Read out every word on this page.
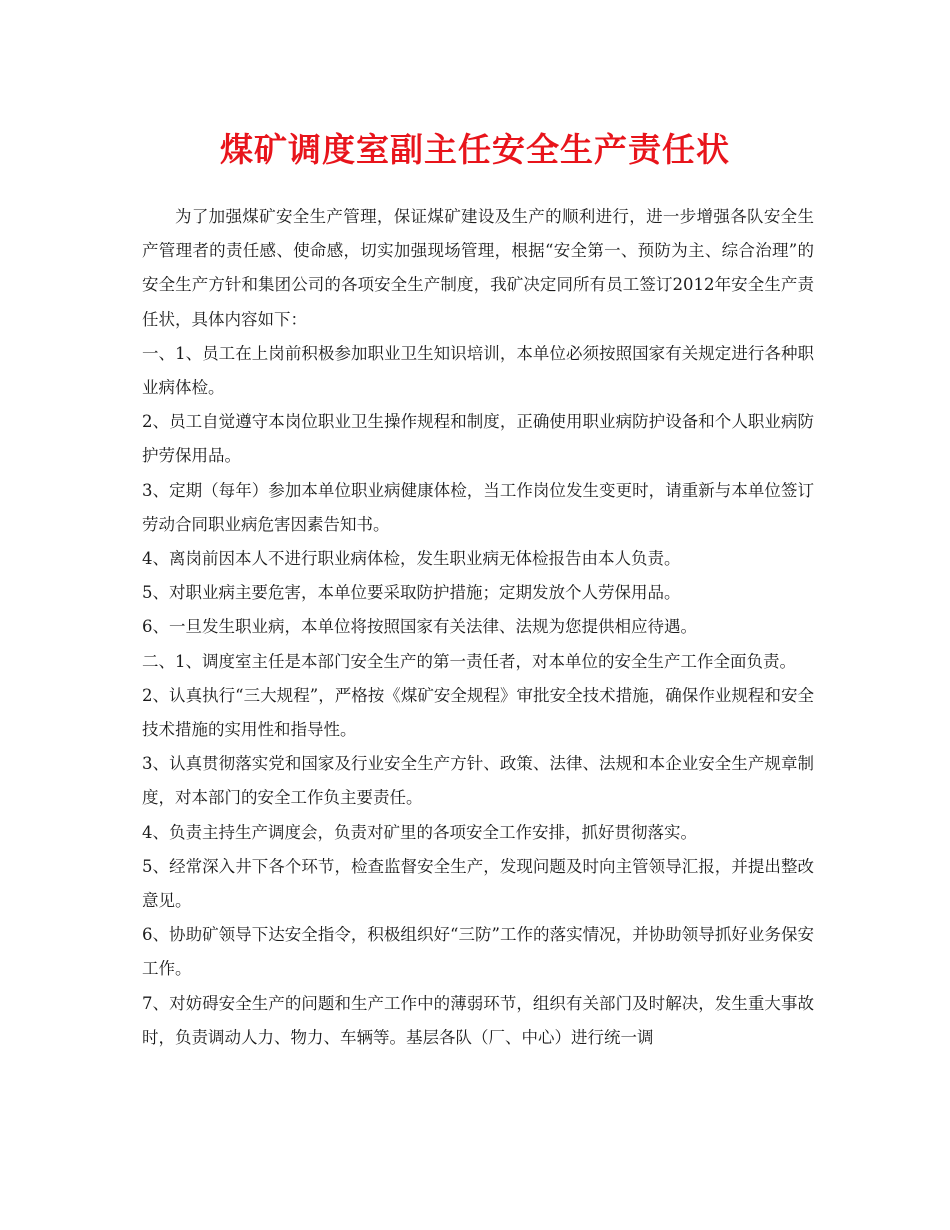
煤矿调度室副主任安全生产责任状

为了加强煤矿安全生产管理，保证煤矿建设及生产的顺利进行，进一步增强各队安全生产管理者的责任感、使命感，切实加强现场管理，根据“安全第一、预防为主、综合治理”的安全生产方针和集团公司的各项安全生产制度，我矿决定同所有员工签订2012年安全生产责任状，具体内容如下：

一、1、员工在上岗前积极参加职业卫生知识培训，本单位必须按照国家有关规定进行各种职业病体检。

2、员工自觉遵守本岗位职业卫生操作规程和制度，正确使用职业病防护设备和个人职业病防护劳保用品。

3、定期（每年）参加本单位职业病健康体检，当工作岗位发生变更时，请重新与本单位签订劳动合同职业病危害因素告知书。

4、离岗前因本人不进行职业病体检，发生职业病无体检报告由本人负责。

5、对职业病主要危害，本单位要采取防护措施；定期发放个人劳保用品。

6、一旦发生职业病，本单位将按照国家有关法律、法规为您提供相应待遇。

二、1、调度室主任是本部门安全生产的第一责任者，对本单位的安全生产工作全面负责。

2、认真执行“三大规程”，严格按《煤矿安全规程》审批安全技术措施，确保作业规程和安全技术措施的实用性和指导性。

3、认真贯彻落实党和国家及行业安全生产方针、政策、法律、法规和本企业安全生产规章制度，对本部门的安全工作负主要责任。

4、负责主持生产调度会，负责对矿里的各项安全工作安排，抓好贯彻落实。

5、经常深入井下各个环节，检查监督安全生产，发现问题及时向主管领导汇报，并提出整改意见。

6、协助矿领导下达安全指令，积极组织好“三防”工作的落实情况，并协助领导抓好业务保安工作。

7、对妨碍安全生产的问题和生产工作中的薄弱环节，组织有关部门及时解决，发生重大事故时，负责调动人力、物力、车辆等。基层各队（厂、中心）进行统一调
